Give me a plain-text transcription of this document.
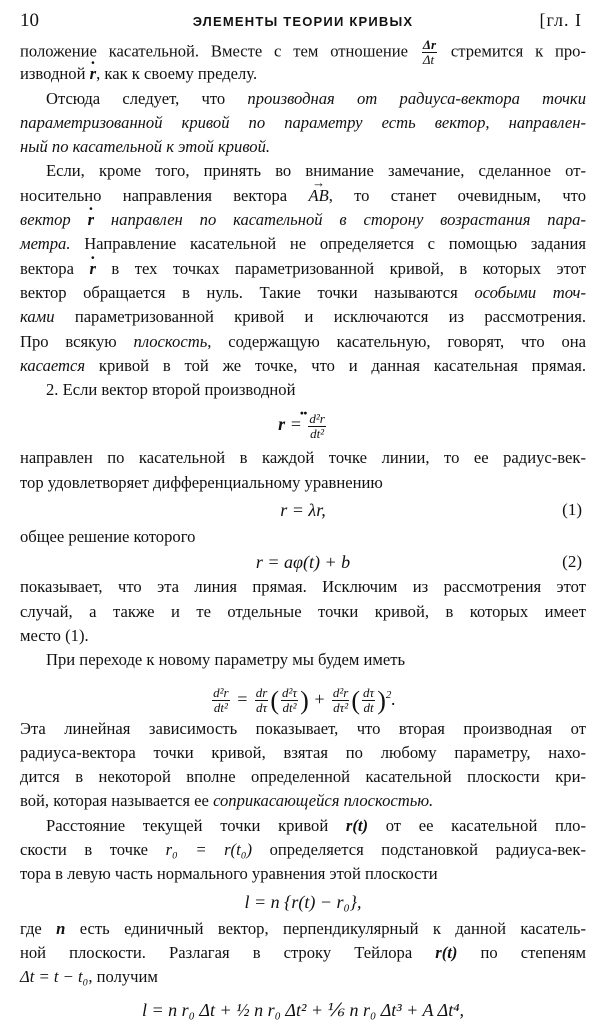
10	ЭЛЕМЕНТЫ ТЕОРИИ КРИВЫХ	[гл. I
положение касательной. Вместе с тем отношение $\frac{\Delta r}{\Delta t}$ стремится к про-
изводной · r, как к своему пределу.
Отсюда следует, что производная от радиуса-вектора точки
параметризованной кривой по параметру есть вектор, направлен-
ный по касательной к этой кривой.
Если, кроме того, принять во внимание замечание, сделанное от-
носительно направления вектора → AB, то станет очевидным, что
вектор · r направлен по касательной в сторону возрастания пара-
метра. Направление касательной не определяется с помощью задания
вектора · r в тех точках параметризованной кривой, в которых этот
вектор обращается в нуль. Такие точки называются особыми точ-
ками параметризованной кривой и исключаются из рассмотрения.
Про всякую плоскость, содержащую касательную, говорят, что она
касается кривой в той же точке, что и данная касательная прямая.
2. Если вектор второй производной
·· $r = \frac{\text{d²r}}{\text{dt²}}$
направлен по касательной в каждой точке линии, то ее радиус-век-
тор удовлетворяет дифференциальному уравнению
r = λr,	(1)
общее решение которого
r = aφ(t) + b	(2)
показывает, что эта линия прямая. Исключим из рассмотрения этот
случай, а также и те отдельные точки кривой, в которых имеет
место (1).
При переходе к новому параметру мы будем иметь
$\frac{\text{d²r}}{\text{dt²}} = \frac{dr}{d\tau}$ ( $\frac{\text{d²τ}}{\text{dt²}}$ ) + $\frac{\text{d²r}}{\text{dτ²}}$ ( $\frac{d\tau}{dt} )^2$.
Эта линейная зависимость показывает, что вторая производная от
радиуса-вектора точки кривой, взятая по любому параметру, нахо-
дится в некоторой вполне определенной касательной плоскости кри-
вой, которая называется ее соприкасающейся плоскостью.
Расстояние текущей точки кривой r(t) от ее касательной пло-
скости в точке r₀ = r(t₀) определяется подстановкой радиуса-век-
тора в левую часть нормального уравнения этой плоскости
l = n {r(t) − r₀},
где n есть единичный вектор, перпендикулярный к данной касатель-
ной плоскости. Разлагая в строку Тейлора r(t) по степеням
Δt = t − t₀, получим
l = n r₀ Δt + ½ n r₀ Δt² + ⅙ n r₀ Δt³ + A Δt⁴,
